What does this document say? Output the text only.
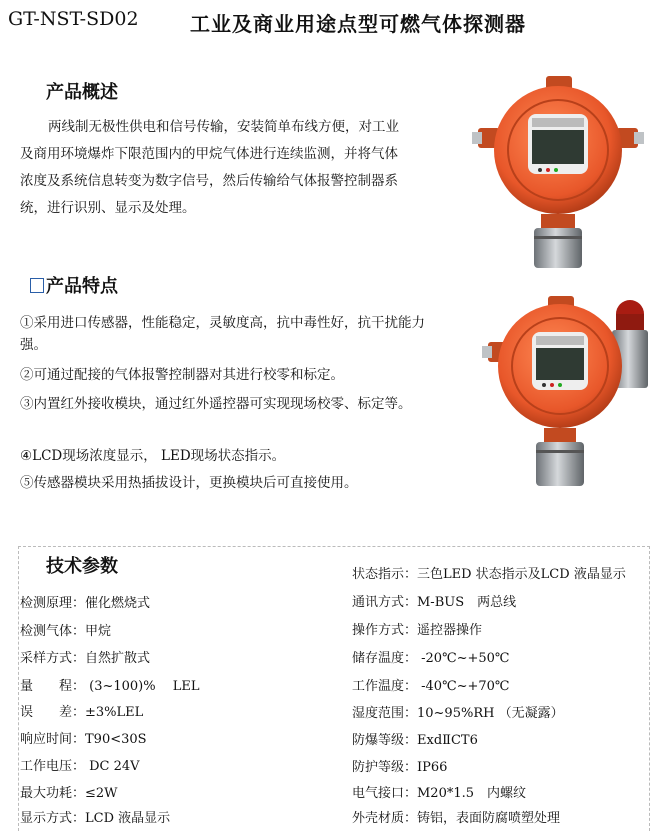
GT-NST-SD02	工业及商业用途点型可燃气体探测器
产品概述
两线制无极性供电和信号传输，安装简单布线方便，对工业
及商用环境爆炸下限范围内的甲烷气体进行连续监测，并将气体
浓度及系统信息转变为数字信号，然后传输给气体报警控制器系
统，进行识别、显示及处理。
产品特点
①采用进口传感器，性能稳定，灵敏度高，抗中毒性好，抗干扰能力强。
②可通过配接的气体报警控制器对其进行校零和标定。
③内置红外接收模块，通过红外遥控器可实现现场校零、标定等。
④LCD现场浓度显示， LED现场状态指示。
⑤传感器模块采用热插拔设计，更换模块后可直接使用。
技术参数
检测原理：催化燃烧式
检测气体：甲烷
采样方式：自然扩散式
量　　程： (3~100)%　 LEL
误　　差：±3%LEL
响应时间：T90<30S
工作电压： DC 24V
最大功耗：≤2W
显示方式：LCD 液晶显示
状态指示：三色LED 状态指示及LCD 液晶显示
通讯方式：M-BUS　两总线
操作方式：遥控器操作
储存温度： -20℃~+50℃
工作温度： -40℃~+70℃
湿度范围：10~95%RH （无凝露）
防爆等级：ExdⅡCT6
防护等级：IP66
电气接口：M20*1.5　内螺纹
外壳材质：铸铝，表面防腐喷塑处理
